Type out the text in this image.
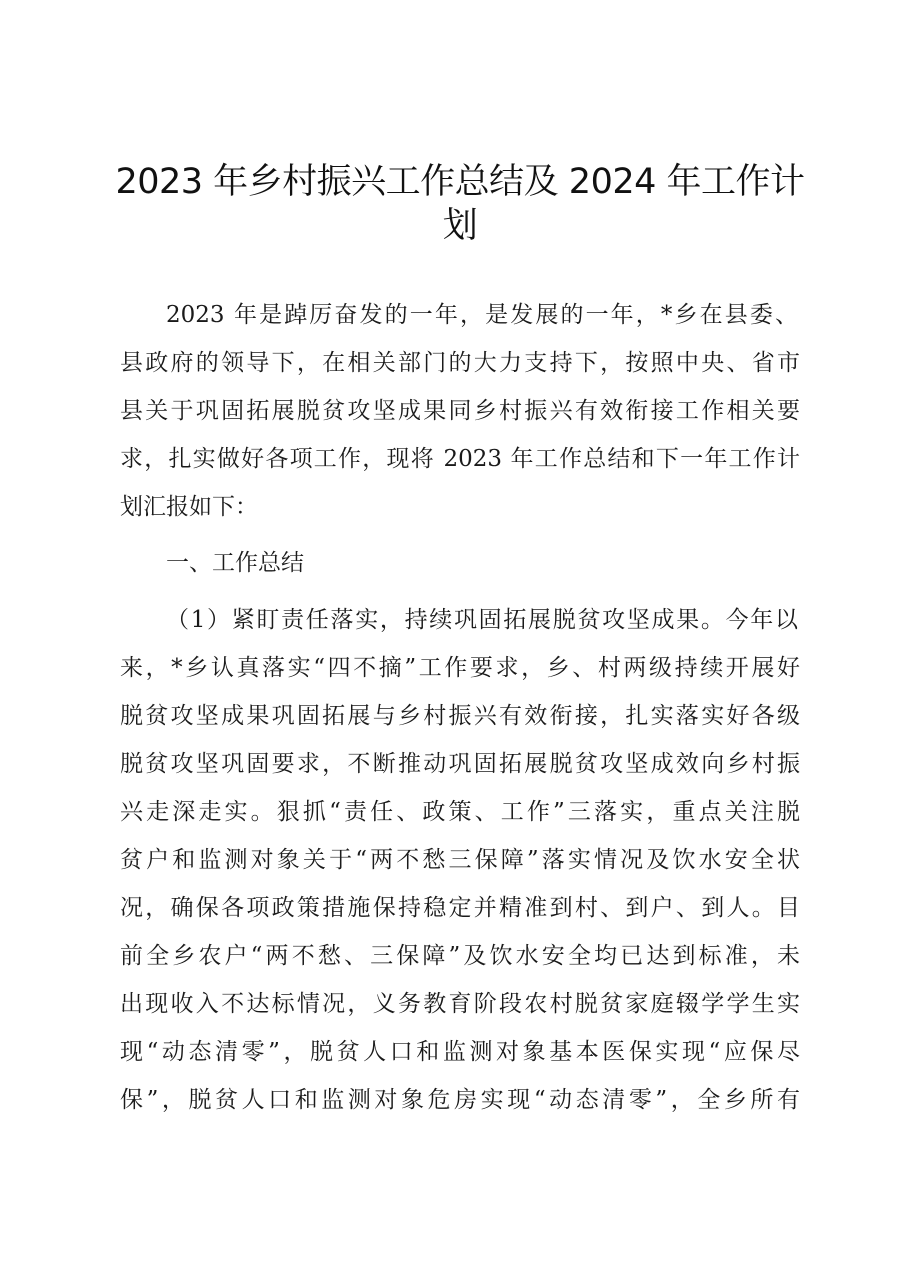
2023 年乡村振兴工作总结及 2024 年工作计
划
2023 年是踔厉奋发的一年，是发展的一年，*乡在县委、
县政府的领导下，在相关部门的大力支持下，按照中央、省市
县关于巩固拓展脱贫攻坚成果同乡村振兴有效衔接工作相关要
求，扎实做好各项工作，现将 2023 年工作总结和下一年工作计
划汇报如下：
一、工作总结
（1）紧盯责任落实，持续巩固拓展脱贫攻坚成果。今年以
来，*乡认真落实“四不摘”工作要求，乡、村两级持续开展好
脱贫攻坚成果巩固拓展与乡村振兴有效衔接，扎实落实好各级
脱贫攻坚巩固要求，不断推动巩固拓展脱贫攻坚成效向乡村振
兴走深走实。狠抓“责任、政策、工作”三落实，重点关注脱
贫户和监测对象关于“两不愁三保障”落实情况及饮水安全状
况，确保各项政策措施保持稳定并精准到村、到户、到人。目
前全乡农户“两不愁、三保障”及饮水安全均已达到标准，未
出现收入不达标情况，义务教育阶段农村脱贫家庭辍学学生实
现“动态清零”，脱贫人口和监测对象基本医保实现“应保尽
保”，脱贫人口和监测对象危房实现“动态清零”，全乡所有
